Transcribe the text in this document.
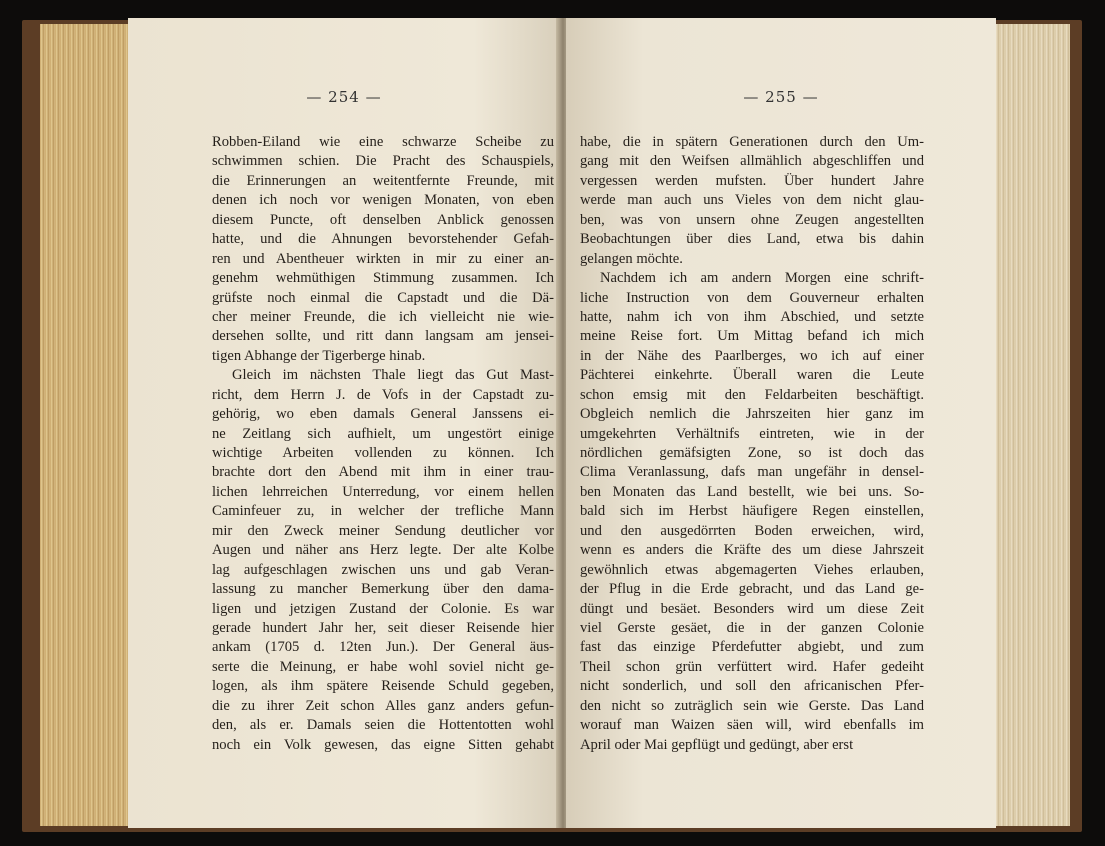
— 254 —
Robben-Eiland wie eine schwarze Scheibe zu
schwimmen schien. Die Pracht des Schauspiels,
die Erinnerungen an weitentfernte Freunde, mit
denen ich noch vor wenigen Monaten, von eben
diesem Puncte, oft denselben Anblick genossen
hatte, und die Ahnungen bevorstehender Gefah-
ren und Abentheuer wirkten in mir zu einer an-
genehm wehmüthigen Stimmung zusammen. Ich
grüfste noch einmal die Capstadt und die Dä-
cher meiner Freunde, die ich vielleicht nie wie-
dersehen sollte, und ritt dann langsam am jensei-
tigen Abhange der Tigerberge hinab.
Gleich im nächsten Thale liegt das Gut Mast-
richt, dem Herrn J. de Vofs in der Capstadt zu-
gehörig, wo eben damals General Janssens ei-
ne Zeitlang sich aufhielt, um ungestört einige
wichtige Arbeiten vollenden zu können. Ich
brachte dort den Abend mit ihm in einer trau-
lichen lehrreichen Unterredung, vor einem hellen
Caminfeuer zu, in welcher der trefliche Mann
mir den Zweck meiner Sendung deutlicher vor
Augen und näher ans Herz legte. Der alte Kolbe
lag aufgeschlagen zwischen uns und gab Veran-
lassung zu mancher Bemerkung über den dama-
ligen und jetzigen Zustand der Colonie. Es war
gerade hundert Jahr her, seit dieser Reisende hier
ankam (1705 d. 12ten Jun.). Der General äus-
serte die Meinung, er habe wohl soviel nicht ge-
logen, als ihm spätere Reisende Schuld gegeben,
die zu ihrer Zeit schon Alles ganz anders gefun-
den, als er. Damals seien die Hottentotten wohl
noch ein Volk gewesen, das eigne Sitten gehabt
— 255 —
habe, die in spätern Generationen durch den Um-
gang mit den Weifsen allmählich abgeschliffen und
vergessen werden mufsten. Über hundert Jahre
werde man auch uns Vieles von dem nicht glau-
ben, was von unsern ohne Zeugen angestellten
Beobachtungen über dies Land, etwa bis dahin
gelangen möchte.
Nachdem ich am andern Morgen eine schrift-
liche Instruction von dem Gouverneur erhalten
hatte, nahm ich von ihm Abschied, und setzte
meine Reise fort. Um Mittag befand ich mich
in der Nähe des Paarlberges, wo ich auf einer
Pächterei einkehrte. Überall waren die Leute
schon emsig mit den Feldarbeiten beschäftigt.
Obgleich nemlich die Jahrszeiten hier ganz im
umgekehrten Verhältnifs eintreten, wie in der
nördlichen gemäfsigten Zone, so ist doch das
Clima Veranlassung, dafs man ungefähr in densel-
ben Monaten das Land bestellt, wie bei uns. So-
bald sich im Herbst häufigere Regen einstellen,
und den ausgedörrten Boden erweichen, wird,
wenn es anders die Kräfte des um diese Jahrszeit
gewöhnlich etwas abgemagerten Viehes erlauben,
der Pflug in die Erde gebracht, und das Land ge-
düngt und besäet. Besonders wird um diese Zeit
viel Gerste gesäet, die in der ganzen Colonie
fast das einzige Pferdefutter abgiebt, und zum
Theil schon grün verfüttert wird. Hafer gedeiht
nicht sonderlich, und soll den africanischen Pfer-
den nicht so zuträglich sein wie Gerste. Das Land
worauf man Waizen säen will, wird ebenfalls im
April oder Mai gepflügt und gedüngt, aber erst
